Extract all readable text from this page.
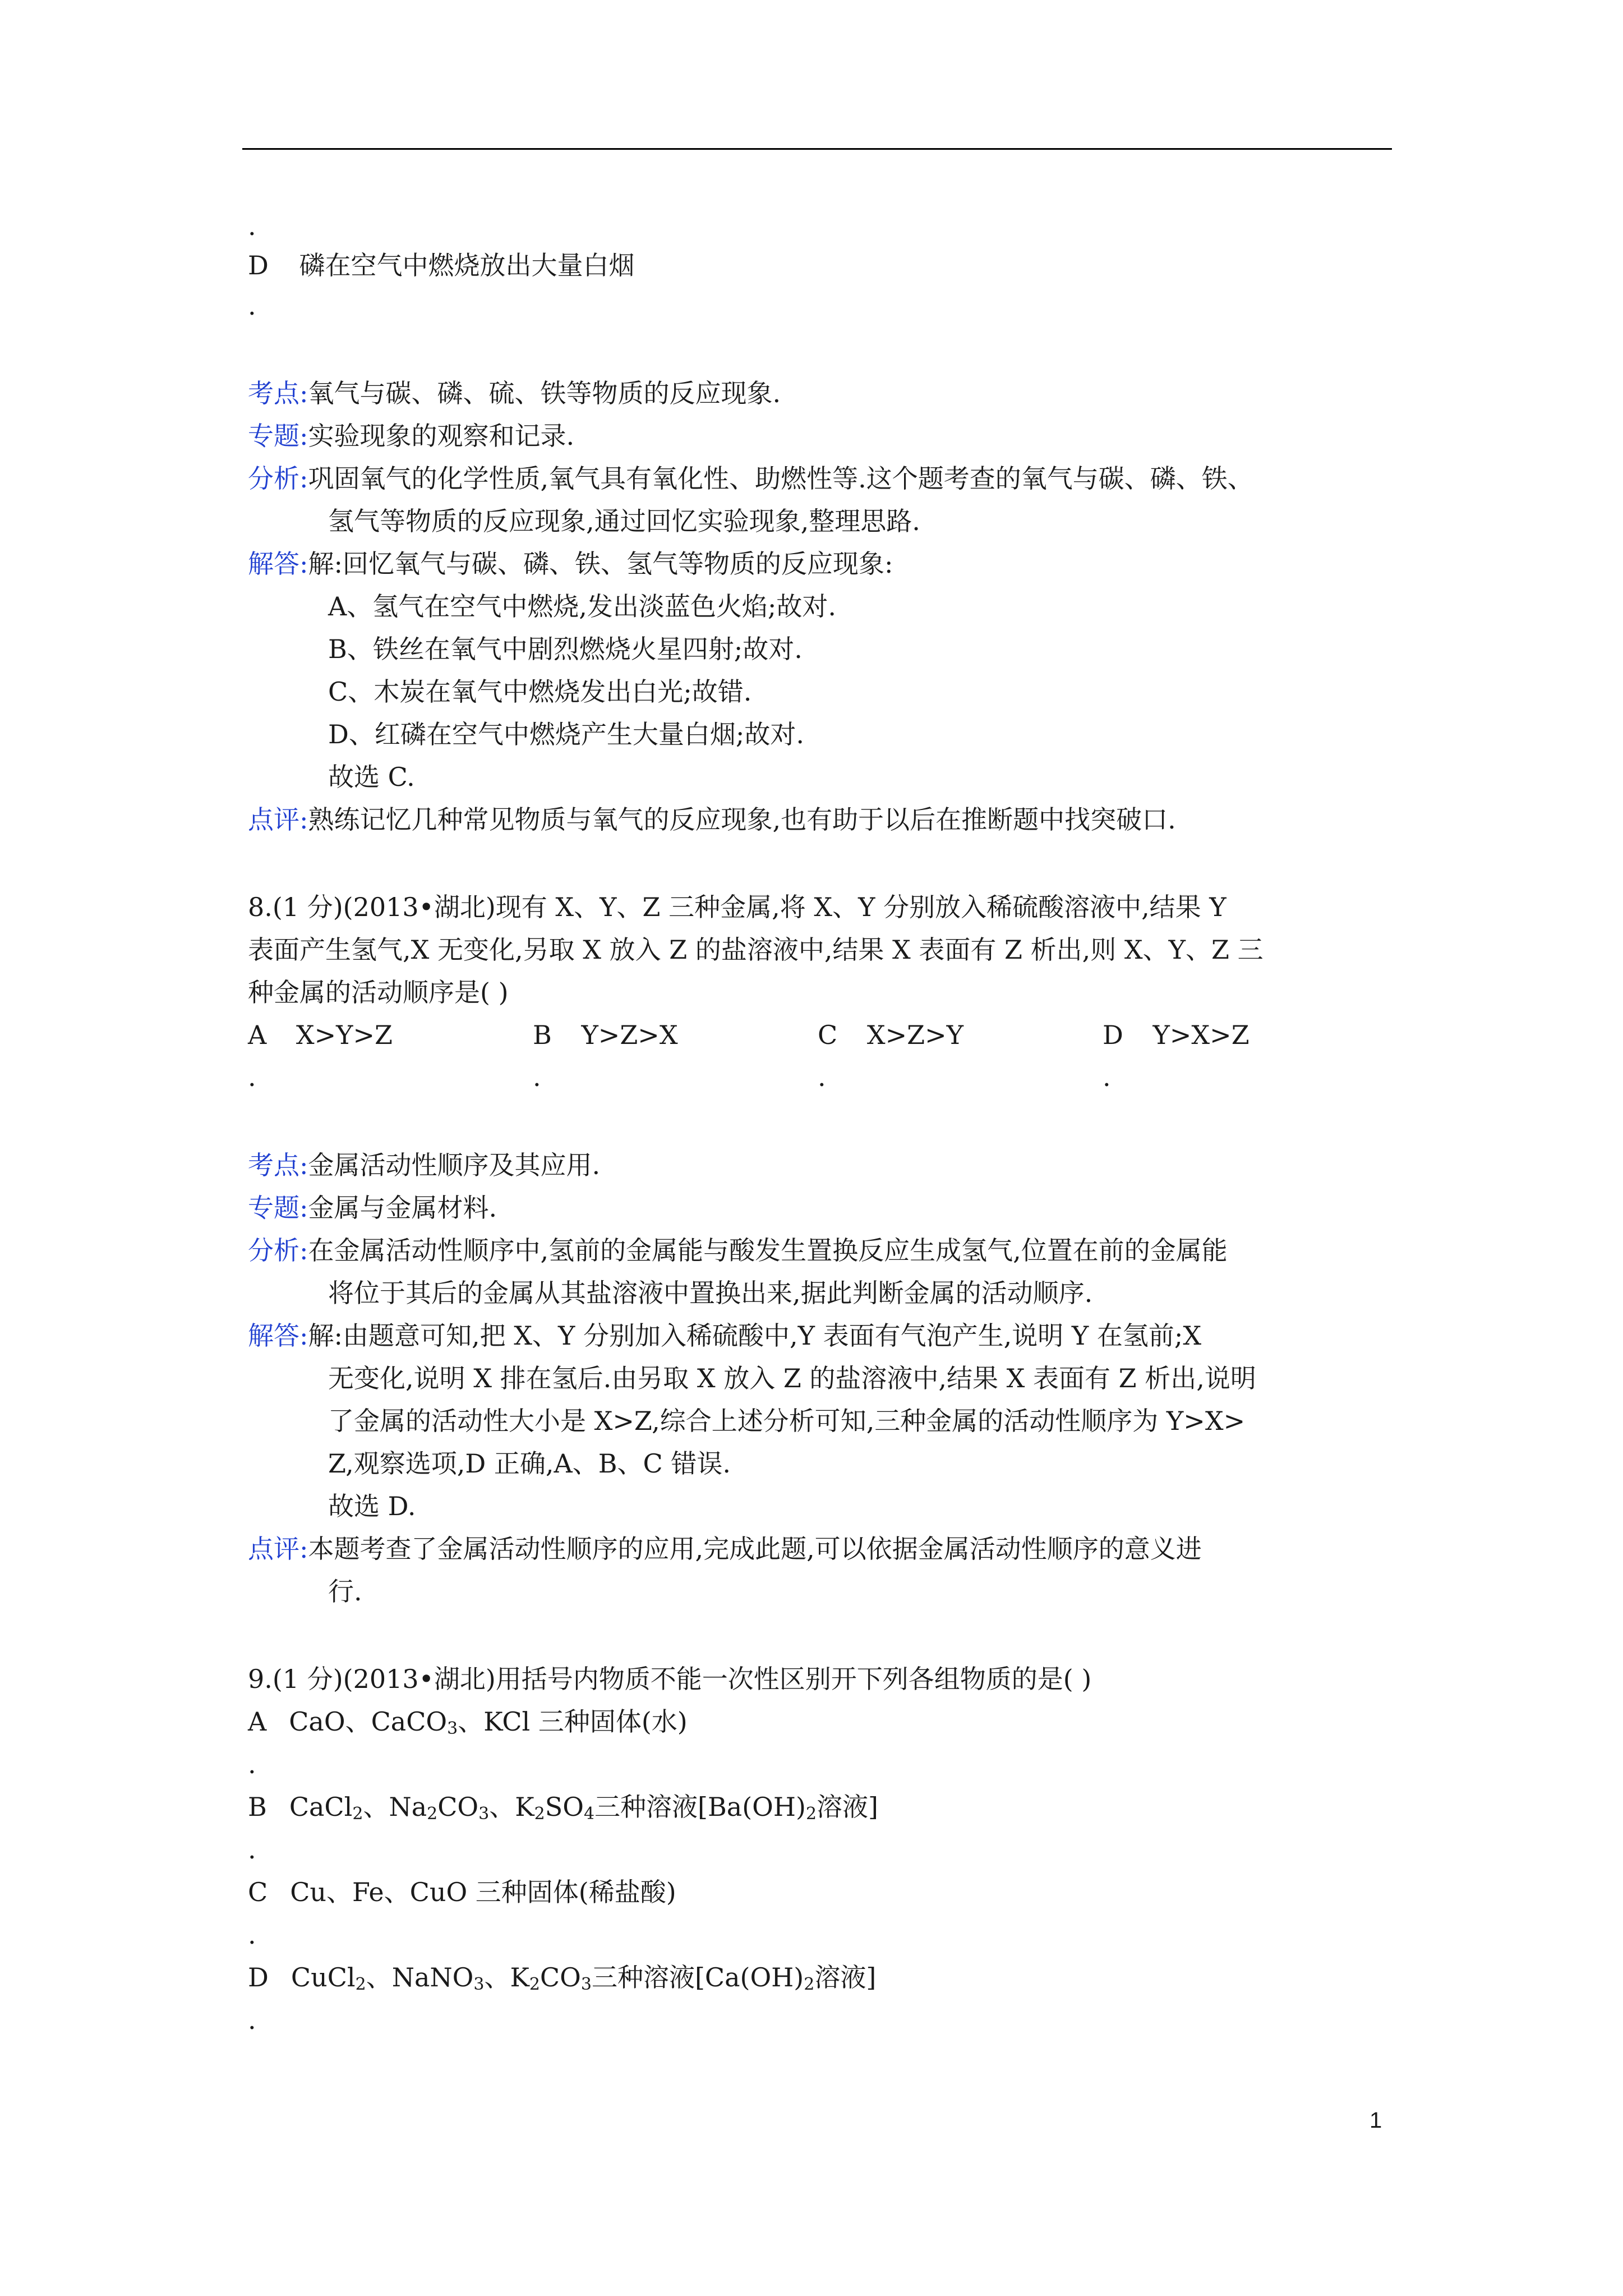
.
D 磷在空气中燃烧放出大量白烟
.
考点:氧气与碳、磷、硫、铁等物质的反应现象.
专题:实验现象的观察和记录.
分析:巩固氧气的化学性质,氧气具有氧化性、助燃性等.这个题考查的氧气与碳、磷、铁、
氢气等物质的反应现象,通过回忆实验现象,整理思路.
解答:解:回忆氧气与碳、磷、铁、氢气等物质的反应现象:
A、氢气在空气中燃烧,发出淡蓝色火焰;故对.
B、铁丝在氧气中剧烈燃烧火星四射;故对.
C、木炭在氧气中燃烧发出白光;故错.
D、红磷在空气中燃烧产生大量白烟;故对.
故选 C.
点评:熟练记忆几种常见物质与氧气的反应现象,也有助于以后在推断题中找突破口.
8.(1 分)(2013•湖北)现有 X、Y、Z 三种金属,将 X、Y 分别放入稀硫酸溶液中,结果 Y
表面产生氢气,X 无变化,另取 X 放入 Z 的盐溶液中,结果 X 表面有 Z 析出,则 X、Y、Z 三
种金属的活动顺序是( )
A X>Y>Z	B Y>Z>X	C X>Z>Y	D Y>X>Z
.	.	.	.
考点:金属活动性顺序及其应用.
专题:金属与金属材料.
分析:在金属活动性顺序中,氢前的金属能与酸发生置换反应生成氢气,位置在前的金属能
将位于其后的金属从其盐溶液中置换出来,据此判断金属的活动顺序.
解答:解:由题意可知,把 X、Y 分别加入稀硫酸中,Y 表面有气泡产生,说明 Y 在氢前;X
无变化,说明 X 排在氢后.由另取 X 放入 Z 的盐溶液中,结果 X 表面有 Z 析出,说明
了金属的活动性大小是 X>Z,综合上述分析可知,三种金属的活动性顺序为 Y>X>
Z,观察选项,D 正确,A、B、C 错误.
故选 D.
点评:本题考查了金属活动性顺序的应用,完成此题,可以依据金属活动性顺序的意义进
行.
9.(1 分)(2013•湖北)用括号内物质不能一次性区别开下列各组物质的是( )
A CaO、CaCO$_3$、KCl 三种固体(水)
.
B CaCl$_2$、$Na_2CO_3$、$K_2SO_4$三种溶液[$Ba(OH)_2$溶液]
.
C Cu、Fe、CuO 三种固体(稀盐酸)
.
D CuCl$_2$、NaNO$_3$、$K_2CO_3$三种溶液[$Ca(OH)_2$溶液]
.
1
